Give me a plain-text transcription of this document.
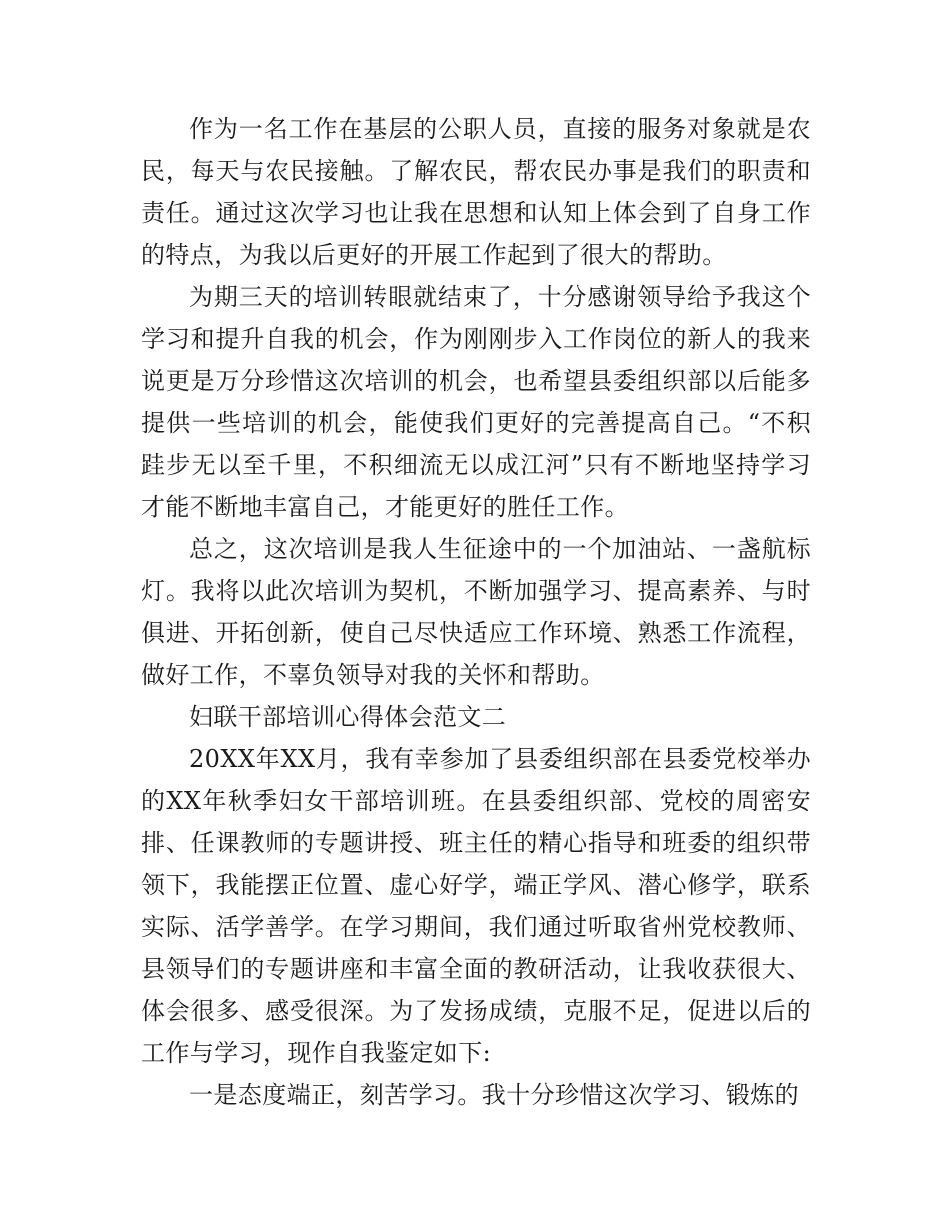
作为一名工作在基层的公职人员，直接的服务对象就是农民，每天与农民接触。了解农民，帮农民办事是我们的职责和责任。通过这次学习也让我在思想和认知上体会到了自身工作的特点，为我以后更好的开展工作起到了很大的帮助。

为期三天的培训转眼就结束了，十分感谢领导给予我这个学习和提升自我的机会，作为刚刚步入工作岗位的新人的我来说更是万分珍惜这次培训的机会，也希望县委组织部以后能多提供一些培训的机会，能使我们更好的完善提高自己。“不积跬步无以至千里，不积细流无以成江河”只有不断地坚持学习才能不断地丰富自己，才能更好的胜任工作。

总之，这次培训是我人生征途中的一个加油站、一盏航标灯。我将以此次培训为契机，不断加强学习、提高素养、与时俱进、开拓创新，使自己尽快适应工作环境、熟悉工作流程，做好工作，不辜负领导对我的关怀和帮助。

妇联干部培训心得体会范文二

20XX年XX月，我有幸参加了县委组织部在县委党校举办的XX年秋季妇女干部培训班。在县委组织部、党校的周密安排、任课教师的专题讲授、班主任的精心指导和班委的组织带领下，我能摆正位置、虚心好学，端正学风、潜心修学，联系实际、活学善学。在学习期间，我们通过听取省州党校教师、县领导们的专题讲座和丰富全面的教研活动，让我收获很大、体会很多、感受很深。为了发扬成绩，克服不足，促进以后的工作与学习，现作自我鉴定如下:

一是态度端正，刻苦学习。我十分珍惜这次学习、锻炼的
